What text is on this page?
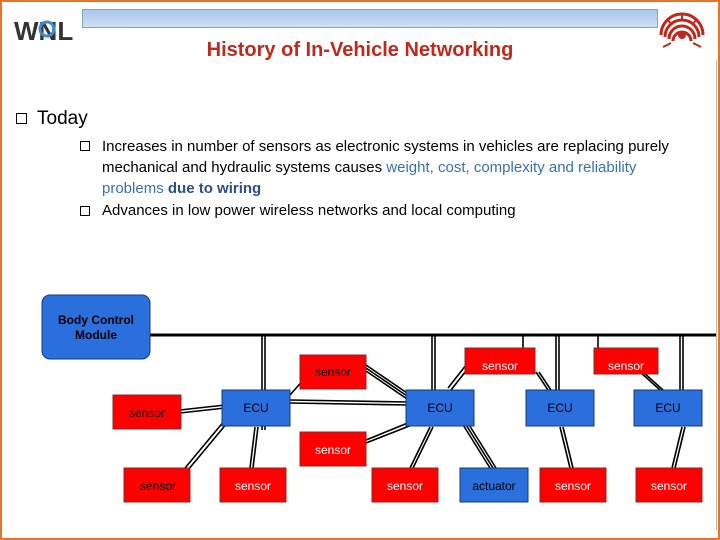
WNL
History of In-Vehicle Networking
Today
Increases in number of sensors as electronic systems in vehicles are replacing purely mechanical and hydraulic systems causes weight, cost, complexity and reliability problems due to wiring
Advances in low power wireless networks and local computing
Body Control
Module
sensor	sensor	sensor
sensor
sensor
sensor	sensor	sensor	actuator	sensor	sensor
ECU	ECU	ECU	ECU
